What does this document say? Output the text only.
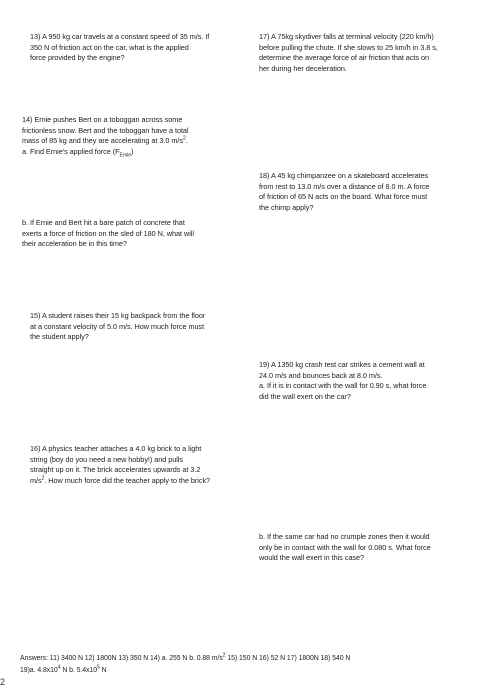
13) A 950 kg car travels at a constant speed of 35 m/s. If
350 N of friction act on the car, what is the applied
force provided by the engine?
14) Ernie pushes Bert on a toboggan across some
frictionless snow. Bert and the toboggan have a total
mass of 85 kg and they are accelerating at 3.0 $m/s^2$.
a. Find Ernie's applied force $(F_{Ernie})$
b. If Ernie and Bert hit a bare patch of concrete that
exerts a force of friction on the sled of 180 N, what will
their acceleration be in this time?
15) A student raises their 15 kg backpack from the floor
at a constant velocity of 5.0 m/s. How much force must
the student apply?
16) A physics teacher attaches a 4.0 kg brick to a light
string (boy do you need a new hobby!) and pulls
straight up on it. The brick accelerates upwards at 3.2
$m/s^2$. How much force did the teacher apply to the brick?
17) A 75kg skydiver falls at terminal velocity (220 km/h)
before pulling the chute. If she slows to 25 km/h in 3.8 s,
determine the average force of air friction that acts on
her during her deceleration.
18) A 45 kg chimpanzee on a skateboard accelerates
from rest to 13.0 m/s over a distance of 8.0 m. A force
of friction of 65 N acts on the board. What force must
the chimp apply?
19) A 1350 kg crash test car strikes a cement wall at
24.0 m/s and bounces back at 8.0 m/s.
a. If it is in contact with the wall for 0.90 s, what force
did the wall exert on the car?
b. If the same car had no crumple zones then it would
only be in contact with the wall for 0.080 s. What force
would the wall exert in this case?
Answers: 11) 3400 N 12) 1800N 13) 350 N 14) a. 255 N b. 0.88 $m/s^2$ 15) 150 N 16) 52 N 17) 1800N 18) 540 N
19)a. $4.8x10^4$ N b. $5.4x10^5$ N
2
